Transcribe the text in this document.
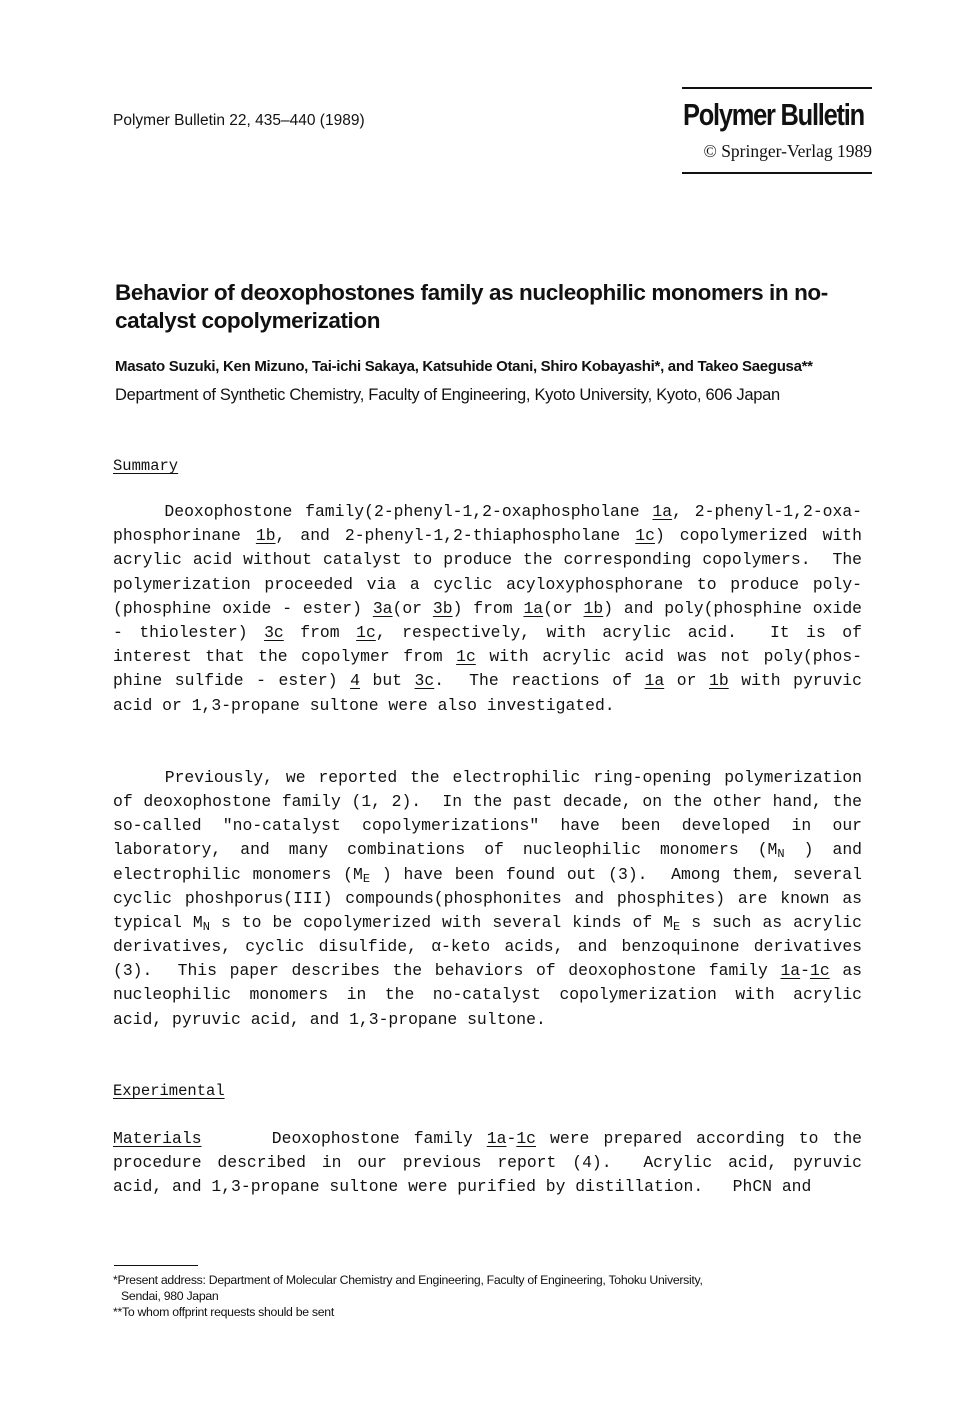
Polymer Bulletin 22, 435–440 (1989)	Polymer Bulletin
© Springer-Verlag 1989
Behavior of deoxophostones family as nucleophilic monomers in no-catalyst copolymerization
Masato Suzuki, Ken Mizuno, Tai-ichi Sakaya, Katsuhide Otani, Shiro Kobayashi*, and Takeo Saegusa**
Department of Synthetic Chemistry, Faculty of Engineering, Kyoto University, Kyoto, 606 Japan
Summary
Deoxophostone family(2-phenyl-1,2-oxaphospholane 1a, 2-phenyl-1,2-oxa-
phosphorinane 1b, and 2-phenyl-1,2-thiaphospholane 1c) copolymerized with
acrylic acid without catalyst to produce the corresponding copolymers.  The
polymerization proceeded via a cyclic acyloxyphosphorane to produce poly-
(phosphine oxide - ester) 3a(or 3b) from 1a(or 1b) and poly(phosphine oxide
- thiolester) 3c from 1c, respectively, with acrylic acid.  It is of
interest that the copolymer from 1c with acrylic acid was not poly(phos-
phine sulfide - ester) 4 but 3c.  The reactions of 1a or 1b with pyruvic
acid or 1,3-propane sultone were also investigated.
Previously, we reported the electrophilic ring-opening polymerization
of deoxophostone family (1, 2).  In the past decade, on the other hand, the
so-called "no-catalyst copolymerizations" have been developed in our
laboratory, and many combinations of nucleophilic monomers ($M_N$ ) and
electrophilic monomers ($M_E$ ) have been found out (3).  Among them, several
cyclic phoshporus(III) compounds(phosphonites and phosphites) are known as
typical $M_N$ s to be copolymerized with several kinds of $M_E$ s such as acrylic
derivatives, cyclic disulfide, α-keto acids, and benzoquinone derivatives
(3).  This paper describes the behaviors of deoxophostone family 1a-1c as
nucleophilic monomers in the no-catalyst copolymerization with acrylic
acid, pyruvic acid, and 1,3-propane sultone.
Experimental
Materials     Deoxophostone family 1a-1c were prepared according to the
procedure described in our previous report (4).  Acrylic acid, pyruvic
acid, and 1,3-propane sultone were purified by distillation.   PhCN and
*Present address: Department of Molecular Chemistry and Engineering, Faculty of Engineering, Tohoku University,
Sendai, 980 Japan
**To whom offprint requests should be sent
